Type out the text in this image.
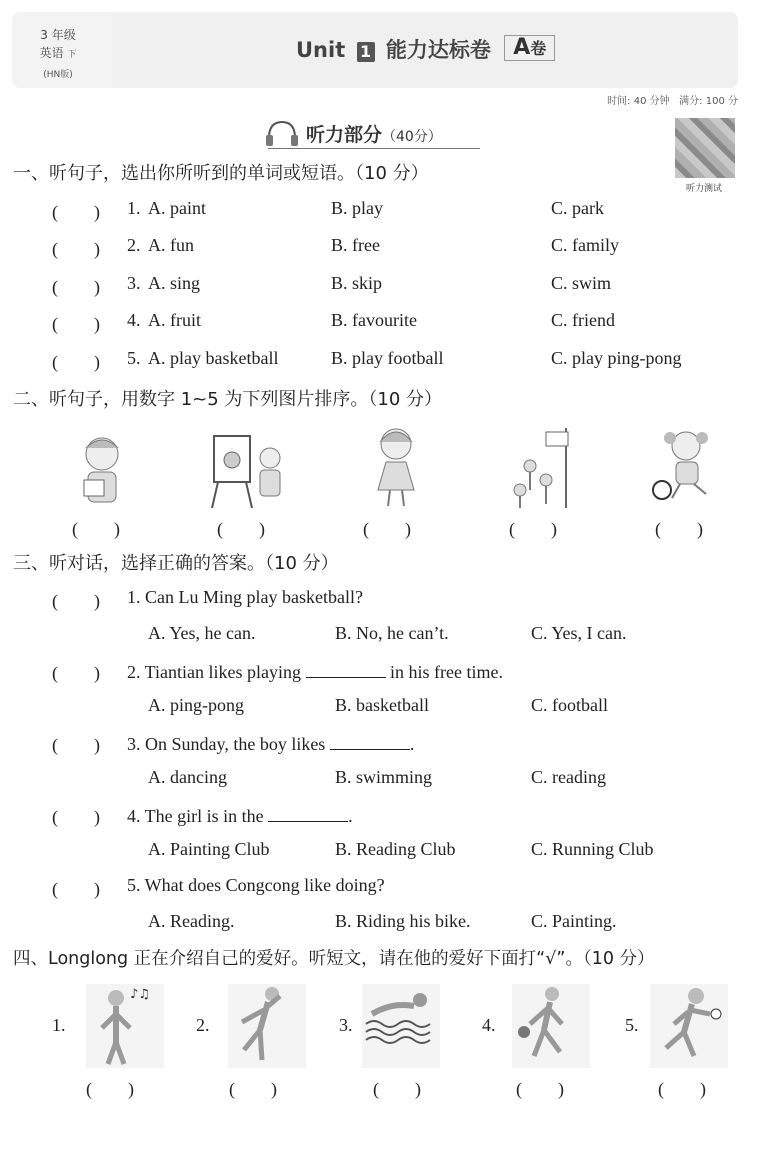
3 年级
英语 下
(HN版)
Unit 1 能力达标卷 A卷
时间: 40 分钟 满分: 100 分
听力部分（40分）
听力测试
一、听句子，选出你所听到的单词或短语。（10 分）
二、听句子，用数字 1~5 为下列图片排序。（10 分）
三、听对话，选择正确的答案。（10 分）
四、Longlong 正在介绍自己的爱好。听短文，请在他的爱好下面打“√”。（10 分）
(　　) 1. A. paint	B. play	C. park
(　　) 2. A. fun	B. free	C. family
(　　) 3. A. sing	B. skip	C. swim
(　　) 4. A. fruit	B. favourite	C. friend
(　　) 5. A. play basketball	B. play football	C. play ping-pong
(　　)	(　　)	(　　)	(　　)	(　　)
(　　) 1. Can Lu Ming play basketball?
A. Yes, he can.	B. No, he can’t.	C. Yes, I can.
(　　) 2. Tiantian likes playing	in his free time.
A. ping-pong	B. basketball	C. football
(　　) 3. On Sunday, the boy likes	.
A. dancing	B. swimming	C. reading
(　　) 4. The girl is in the	.
A. Painting Club	B. Reading Club	C. Running Club
(　　) 5. What does Congcong like doing?
A. Reading.	B. Riding his bike.	C. Painting.
1.
♪♫
(　　)
2.
(　　)
3.
(　　)
4.
(　　)
5.
(　　)
